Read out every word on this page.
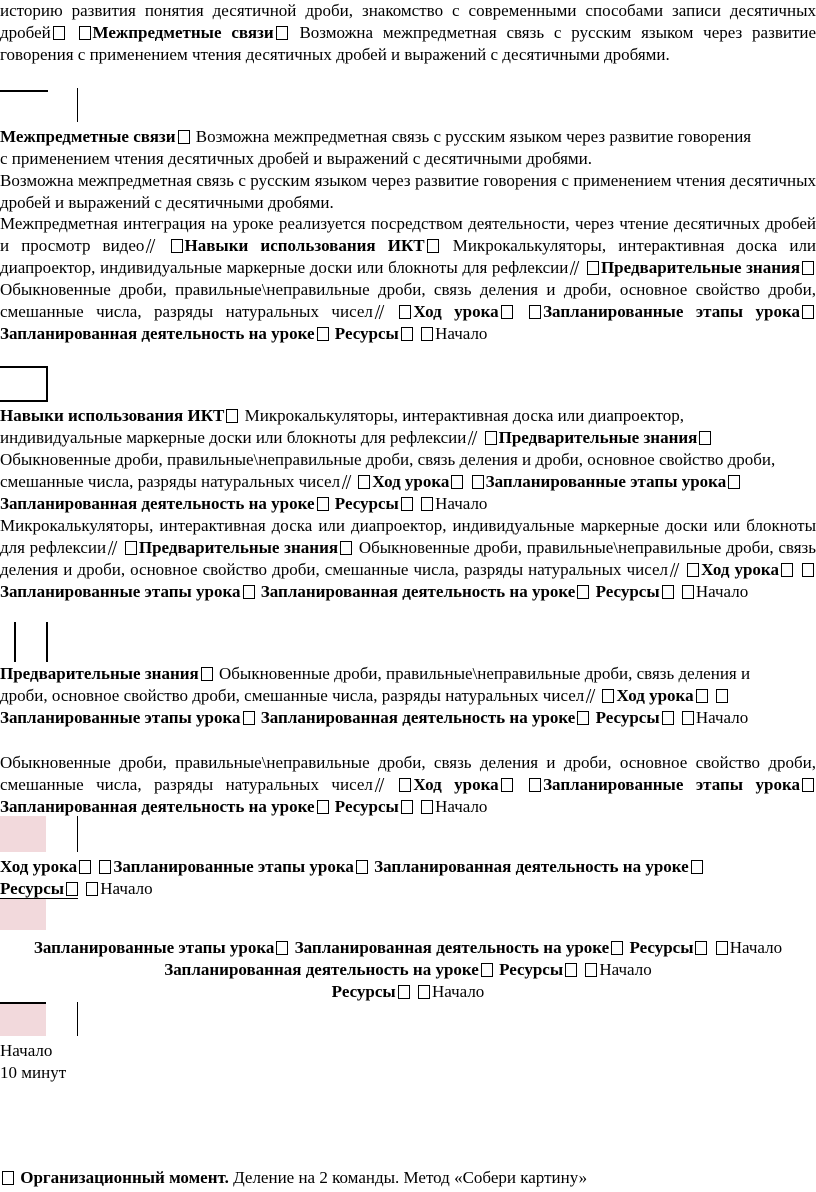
историю развития понятия десятичной дроби, знакомство с современными способами записи десятичных дробей Межпредметные связи Возможна межпредметная связь с русским языком через развитие говорения с применением чтения десятичных дробей и выражений с десятичными дробями.

Межпредметные связи Возможна межпредметная связь с русским языком через развитие говорения с применением чтения десятичных дробей и выражений с десятичными дробями.

Возможна межпредметная связь с русским языком через развитие говорения с применением чтения десятичных дробей и выражений с десятичными дробями.

Межпредметная интеграция на уроке реализуется посредством деятельности, через чтение десятичных дробей и просмотр видео Навыки использования ИКТ Микрокалькуляторы, интерактивная доска или диапроектор, индивидуальные маркерные доски или блокноты для рефлексии Предварительные знания Обыкновенные дроби, правильные\неправильные дроби, связь деления и дроби, основное свойство дроби, смешанные числа, разряды натуральных чисел Ход урока	Запланированные этапы урока Запланированная деятельность на уроке Ресурсы Начало

Навыки использования ИКТ Микрокалькуляторы, интерактивная доска или диапроектор, индивидуальные маркерные доски или блокноты для рефлексии Предварительные знания Обыкновенные дроби, правильные\неправильные дроби, связь деления и дроби, основное свойство дроби, смешанные числа, разряды натуральных чисел Ход урока Запланированные этапы урока Запланированная деятельность на уроке Ресурсы Начало

Микрокалькуляторы, интерактивная доска или диапроектор, индивидуальные маркерные доски или блокноты для рефлексии Предварительные знания Обыкновенные дроби, правильные\неправильные дроби, связь деления и дроби, основное свойство дроби, смешанные числа, разряды натуральных чисел Ход урока Запланированные этапы урока Запланированная деятельность на уроке Ресурсы Начало

Предварительные знания Обыкновенные дроби, правильные\неправильные дроби, связь деления и дроби, основное свойство дроби, смешанные числа, разряды натуральных чисел Ход урока Запланированные этапы урока Запланированная деятельность на уроке Ресурсы Начало

Обыкновенные дроби, правильные\неправильные дроби, связь деления и дроби, основное свойство дроби, смешанные числа, разряды натуральных чисел Ход урока	Запланированные этапы урока Запланированная деятельность на уроке Ресурсы Начало

Ход урока Запланированные этапы урока Запланированная деятельность на уроке Ресурсы Начало

Запланированные этапы урока Запланированная деятельность на уроке Ресурсы Начало

Запланированная деятельность на уроке Ресурсы Начало

Ресурсы Начало

Начало
10 минут

Организационный момент. Деление на 2 команды. Метод «Собери картину»
